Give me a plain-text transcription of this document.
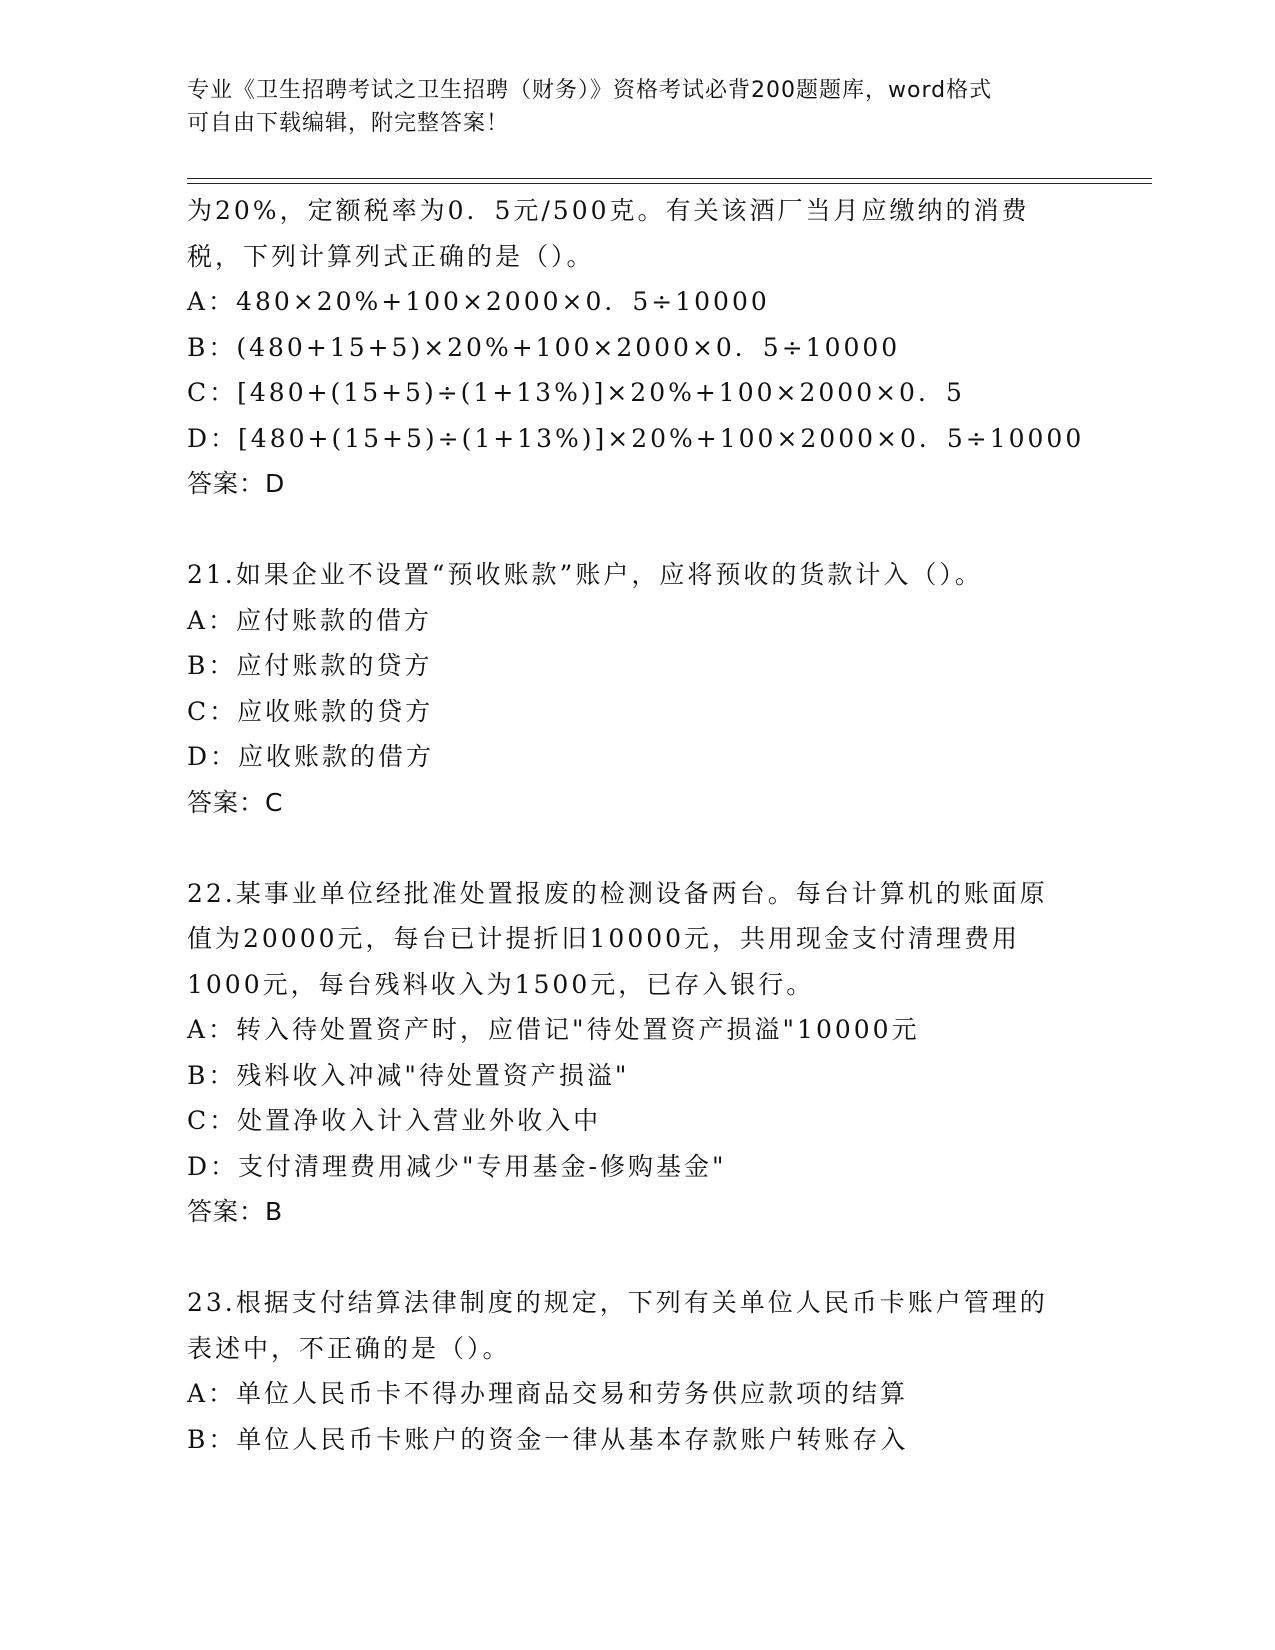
专业《卫生招聘考试之卫生招聘（财务）》资格考试必背200题题库，word格式
可自由下载编辑，附完整答案！
为20%，定额税率为0．5元/500克。有关该酒厂当月应缴纳的消费
税，下列计算列式正确的是（）。
A：480×20%+100×2000×0．5÷10000
B：(480+15+5)×20%+100×2000×0．5÷10000
C：[480+(15+5)÷(1+13%)]×20%+100×2000×0．5
D：[480+(15+5)÷(1+13%)]×20%+100×2000×0．5÷10000
答案：D
21.如果企业不设置“预收账款”账户，应将预收的货款计入（）。
A：应付账款的借方
B：应付账款的贷方
C：应收账款的贷方
D：应收账款的借方
答案：C
22.某事业单位经批准处置报废的检测设备两台。每台计算机的账面原
值为20000元，每台已计提折旧10000元，共用现金支付清理费用
1000元，每台残料收入为1500元，已存入银行。
A：转入待处置资产时，应借记"待处置资产损溢"10000元
B：残料收入冲减"待处置资产损溢"
C：处置净收入计入营业外收入中
D：支付清理费用减少"专用基金-修购基金"
答案：B
23.根据支付结算法律制度的规定，下列有关单位人民币卡账户管理的
表述中，不正确的是（）。
A：单位人民币卡不得办理商品交易和劳务供应款项的结算
B：单位人民币卡账户的资金一律从基本存款账户转账存入
